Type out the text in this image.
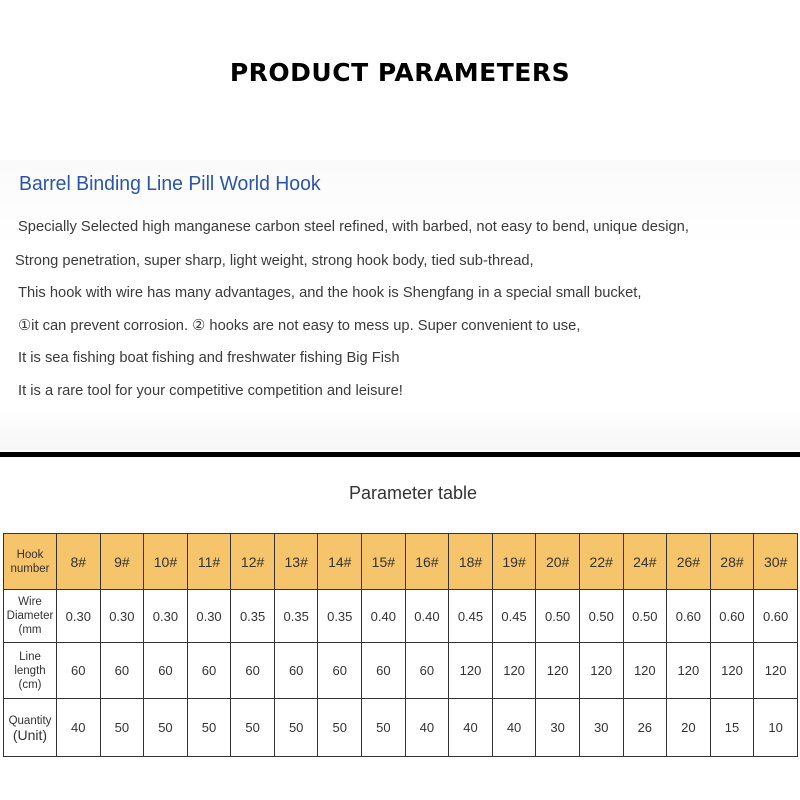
PRODUCT PARAMETERS
Barrel Binding Line Pill World Hook
Specially Selected high manganese carbon steel refined, with barbed, not easy to bend, unique design,
Strong penetration, super sharp, light weight, strong hook body, tied sub-thread,
This hook with wire has many advantages, and the hook is Shengfang in a special small bucket,
①it can prevent corrosion. ② hooks are not easy to mess up. Super convenient to use,
It is sea fishing boat fishing and freshwater fishing Big Fish
It is a rare tool for your competitive competition and leisure!
Parameter table
Hook
number	8#	9#	10#	11#	12#	13#	14#	15#	16#	18#	19#	20#	22#	24#	26#	28#	30#

Wire
Diameter
(mm	0.30	0.30	0.30	0.30	0.35	0.35	0.35	0.40	0.40	0.45	0.45	0.50	0.50	0.50	0.60	0.60	0.60

Line
length
(cm)	60	60	60	60	60	60	60	60	60	120	120	120	120	120	120	120	120

Quantity
(Unit)	40	50	50	50	50	50	50	50	40	40	40	30	30	26	20	15	10
